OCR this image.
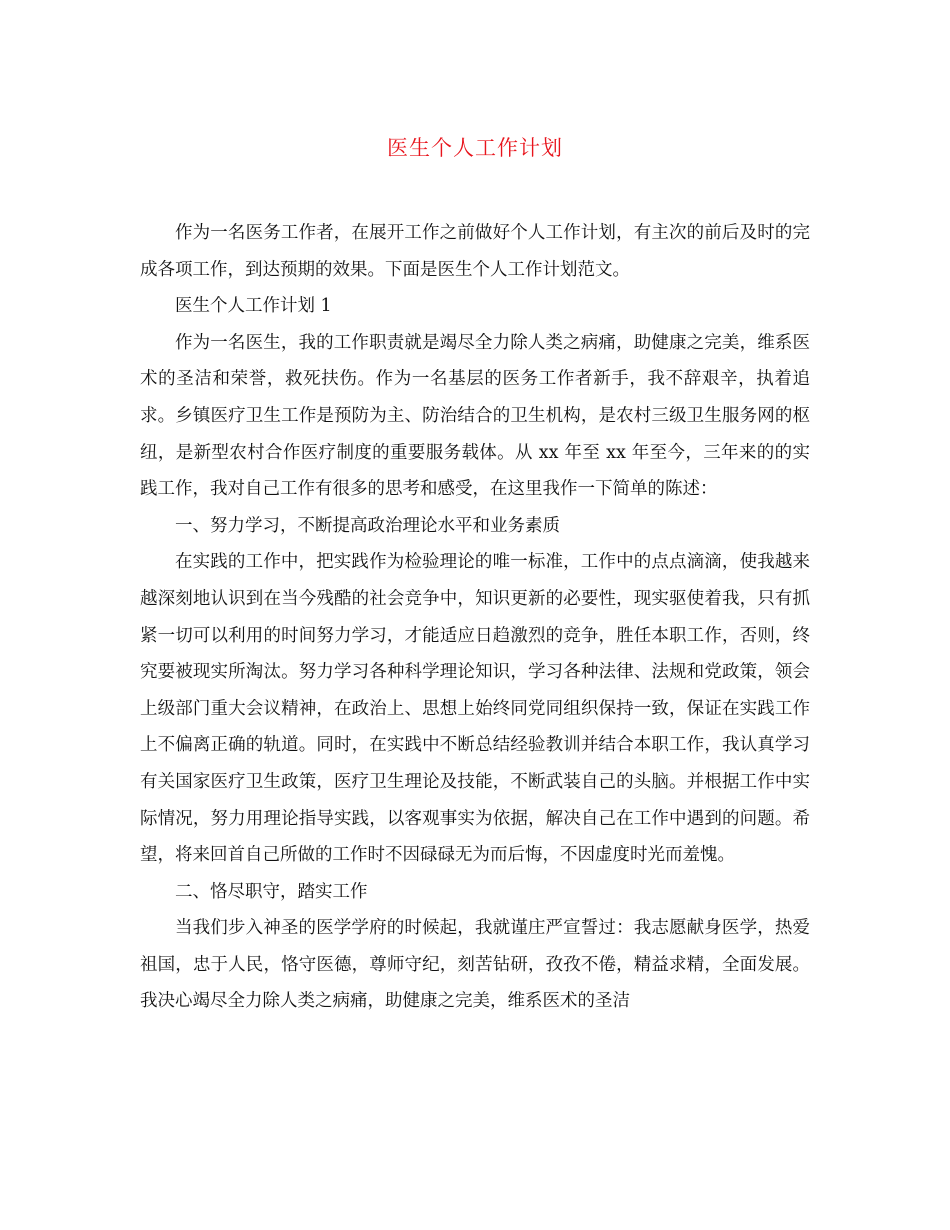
医生个人工作计划

作为一名医务工作者，在展开工作之前做好个人工作计划，有主次的前后及时的完成各项工作，到达预期的效果。下面是医生个人工作计划范文。

医生个人工作计划 1

作为一名医生，我的工作职责就是竭尽全力除人类之病痛，助健康之完美，维系医术的圣洁和荣誉，救死扶伤。作为一名基层的医务工作者新手，我不辞艰辛，执着追求。乡镇医疗卫生工作是预防为主、防治结合的卫生机构，是农村三级卫生服务网的枢纽，是新型农村合作医疗制度的重要服务载体。从 xx 年至 xx 年至今，三年来的的实践工作，我对自己工作有很多的思考和感受，在这里我作一下简单的陈述：

一、努力学习，不断提高政治理论水平和业务素质

在实践的工作中，把实践作为检验理论的唯一标准，工作中的点点滴滴，使我越来越深刻地认识到在当今残酷的社会竞争中，知识更新的必要性，现实驱使着我，只有抓紧一切可以利用的时间努力学习，才能适应日趋激烈的竞争，胜任本职工作，否则，终究要被现实所淘汰。努力学习各种科学理论知识，学习各种法律、法规和党政策，领会上级部门重大会议精神，在政治上、思想上始终同党同组织保持一致，保证在实践工作上不偏离正确的轨道。同时，在实践中不断总结经验教训并结合本职工作，我认真学习有关国家医疗卫生政策，医疗卫生理论及技能，不断武装自己的头脑。并根据工作中实际情况，努力用理论指导实践，以客观事实为依据，解决自己在工作中遇到的问题。希望，将来回首自己所做的工作时不因碌碌无为而后悔，不因虚度时光而羞愧。

二、恪尽职守，踏实工作

当我们步入神圣的医学学府的时候起，我就谨庄严宣誓过：我志愿献身医学，热爱祖国，忠于人民，恪守医德，尊师守纪，刻苦钻研，孜孜不倦，精益求精，全面发展。我决心竭尽全力除人类之病痛，助健康之完美，维系医术的圣洁
